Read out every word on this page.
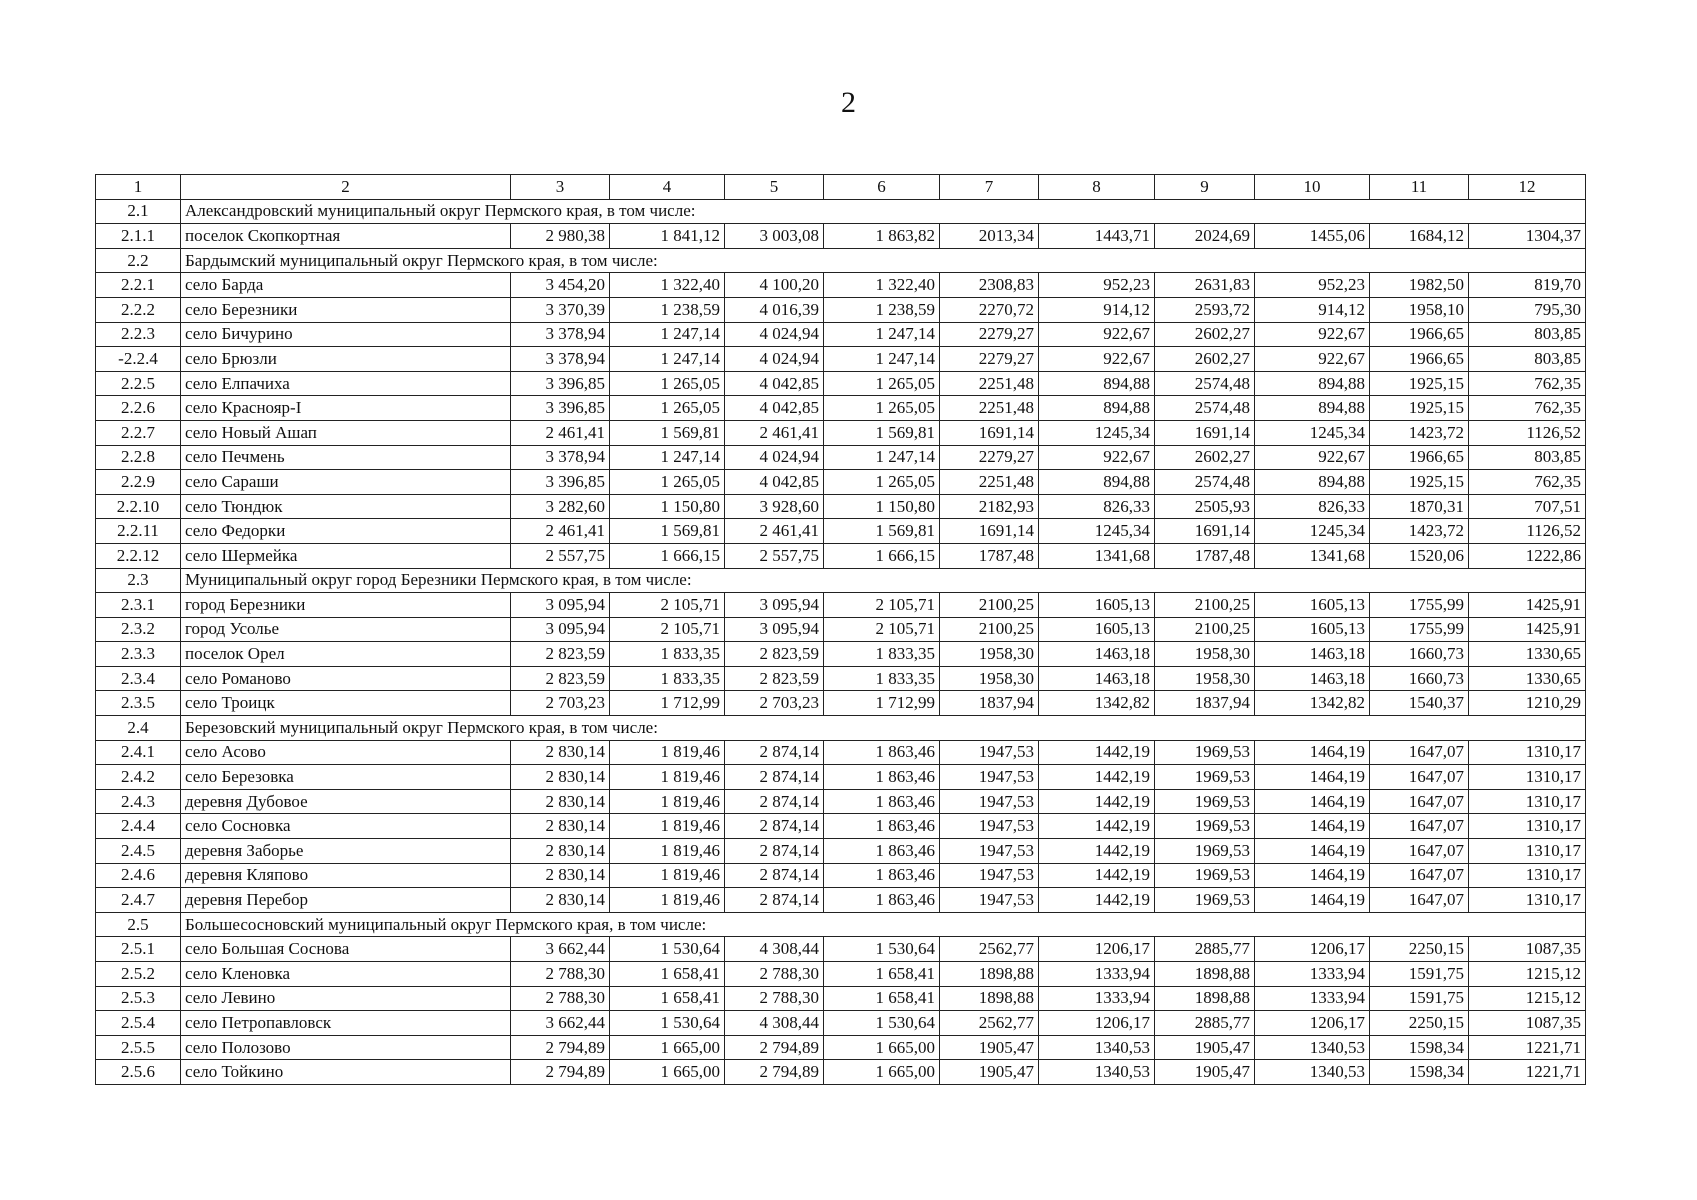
2
1	2	3	4	5	6	7	8	9	10	11	12
2.1	Александровский муниципальный округ Пермского края, в том числе:										
2.1.1	поселок Скопкортная	2 980,38	1 841,12	3 003,08	1 863,82	2013,34	1443,71	2024,69	1455,06	1684,12	1304,37
2.2	Бардымский муниципальный округ Пермского края, в том числе:										
2.2.1	село Барда	3 454,20	1 322,40	4 100,20	1 322,40	2308,83	952,23	2631,83	952,23	1982,50	819,70
2.2.2	село Березники	3 370,39	1 238,59	4 016,39	1 238,59	2270,72	914,12	2593,72	914,12	1958,10	795,30
2.2.3	село Бичурино	3 378,94	1 247,14	4 024,94	1 247,14	2279,27	922,67	2602,27	922,67	1966,65	803,85
-2.2.4	село Брюзли	3 378,94	1 247,14	4 024,94	1 247,14	2279,27	922,67	2602,27	922,67	1966,65	803,85
2.2.5	село Елпачиха	3 396,85	1 265,05	4 042,85	1 265,05	2251,48	894,88	2574,48	894,88	1925,15	762,35
2.2.6	село Краснояр-I	3 396,85	1 265,05	4 042,85	1 265,05	2251,48	894,88	2574,48	894,88	1925,15	762,35
2.2.7	село Новый Ашап	2 461,41	1 569,81	2 461,41	1 569,81	1691,14	1245,34	1691,14	1245,34	1423,72	1126,52
2.2.8	село Печмень	3 378,94	1 247,14	4 024,94	1 247,14	2279,27	922,67	2602,27	922,67	1966,65	803,85
2.2.9	село Сараши	3 396,85	1 265,05	4 042,85	1 265,05	2251,48	894,88	2574,48	894,88	1925,15	762,35
2.2.10	село Тюндюк	3 282,60	1 150,80	3 928,60	1 150,80	2182,93	826,33	2505,93	826,33	1870,31	707,51
2.2.11	село Федорки	2 461,41	1 569,81	2 461,41	1 569,81	1691,14	1245,34	1691,14	1245,34	1423,72	1126,52
2.2.12	село Шермейка	2 557,75	1 666,15	2 557,75	1 666,15	1787,48	1341,68	1787,48	1341,68	1520,06	1222,86
2.3	Муниципальный округ город Березники Пермского края, в том числе:										
2.3.1	город Березники	3 095,94	2 105,71	3 095,94	2 105,71	2100,25	1605,13	2100,25	1605,13	1755,99	1425,91
2.3.2	город Усолье	3 095,94	2 105,71	3 095,94	2 105,71	2100,25	1605,13	2100,25	1605,13	1755,99	1425,91
2.3.3	поселок Орел	2 823,59	1 833,35	2 823,59	1 833,35	1958,30	1463,18	1958,30	1463,18	1660,73	1330,65
2.3.4	село Романово	2 823,59	1 833,35	2 823,59	1 833,35	1958,30	1463,18	1958,30	1463,18	1660,73	1330,65
2.3.5	село Троицк	2 703,23	1 712,99	2 703,23	1 712,99	1837,94	1342,82	1837,94	1342,82	1540,37	1210,29
2.4	Березовский муниципальный округ Пермского края, в том числе:										
2.4.1	село Асово	2 830,14	1 819,46	2 874,14	1 863,46	1947,53	1442,19	1969,53	1464,19	1647,07	1310,17
2.4.2	село Березовка	2 830,14	1 819,46	2 874,14	1 863,46	1947,53	1442,19	1969,53	1464,19	1647,07	1310,17
2.4.3	деревня Дубовое	2 830,14	1 819,46	2 874,14	1 863,46	1947,53	1442,19	1969,53	1464,19	1647,07	1310,17
2.4.4	село Сосновка	2 830,14	1 819,46	2 874,14	1 863,46	1947,53	1442,19	1969,53	1464,19	1647,07	1310,17
2.4.5	деревня Заборье	2 830,14	1 819,46	2 874,14	1 863,46	1947,53	1442,19	1969,53	1464,19	1647,07	1310,17
2.4.6	деревня Кляпово	2 830,14	1 819,46	2 874,14	1 863,46	1947,53	1442,19	1969,53	1464,19	1647,07	1310,17
2.4.7	деревня Перебор	2 830,14	1 819,46	2 874,14	1 863,46	1947,53	1442,19	1969,53	1464,19	1647,07	1310,17
2.5	Большесосновский муниципальный округ Пермского края, в том числе:										
2.5.1	село Большая Соснова	3 662,44	1 530,64	4 308,44	1 530,64	2562,77	1206,17	2885,77	1206,17	2250,15	1087,35
2.5.2	село Кленовка	2 788,30	1 658,41	2 788,30	1 658,41	1898,88	1333,94	1898,88	1333,94	1591,75	1215,12
2.5.3	село Левино	2 788,30	1 658,41	2 788,30	1 658,41	1898,88	1333,94	1898,88	1333,94	1591,75	1215,12
2.5.4	село Петропавловск	3 662,44	1 530,64	4 308,44	1 530,64	2562,77	1206,17	2885,77	1206,17	2250,15	1087,35
2.5.5	село Полозово	2 794,89	1 665,00	2 794,89	1 665,00	1905,47	1340,53	1905,47	1340,53	1598,34	1221,71
2.5.6	село Тойкино	2 794,89	1 665,00	2 794,89	1 665,00	1905,47	1340,53	1905,47	1340,53	1598,34	1221,71
